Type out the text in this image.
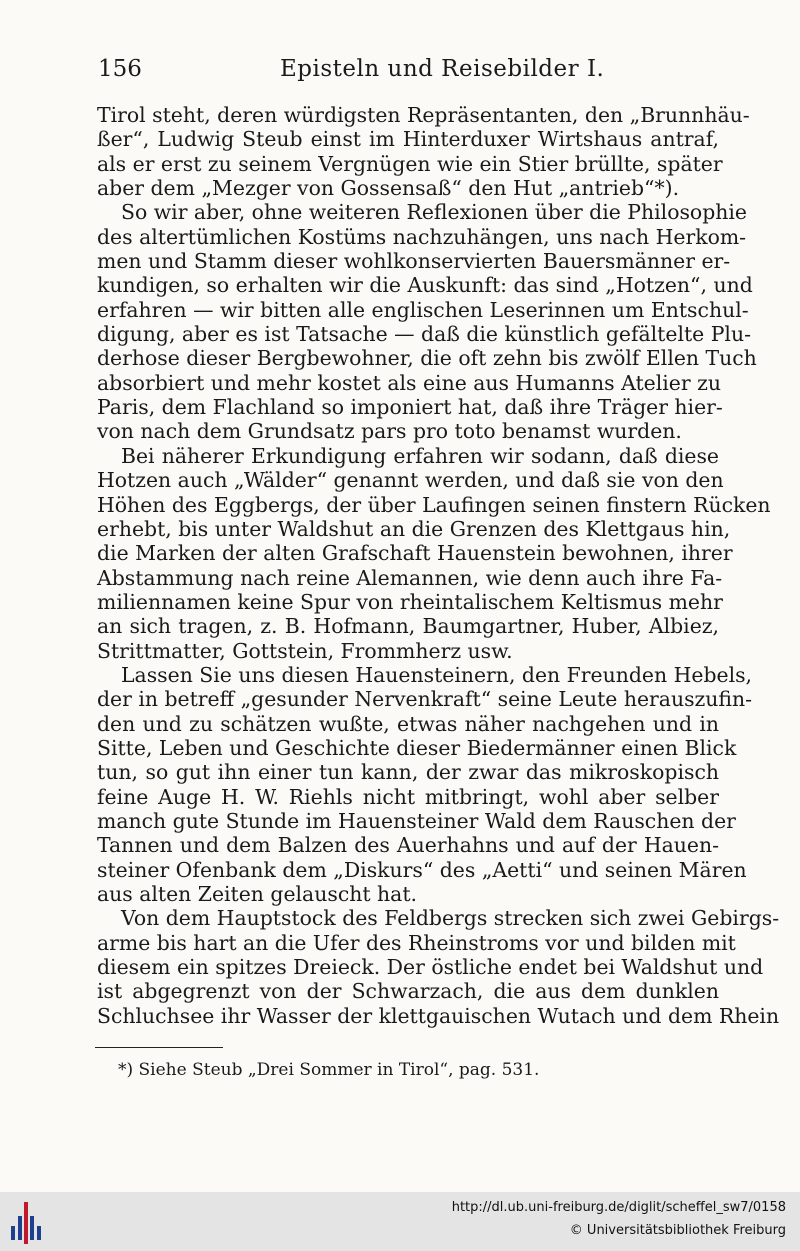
156	Episteln und Reisebilder I.
Tirol steht, deren würdigsten Repräsentanten, den „Brunnhäu-
ßer“, Ludwig Steub einst im Hinterduxer Wirtshaus antraf,
als er erst zu seinem Vergnügen wie ein Stier brüllte, später
aber dem „Mezger von Gossensaß“ den Hut „antrieb“*).
So wir aber, ohne weiteren Reflexionen über die Philosophie
des altertümlichen Kostüms nachzuhängen, uns nach Herkom-
men und Stamm dieser wohlkonservierten Bauersmänner er-
kundigen, so erhalten wir die Auskunft: das sind „Hotzen“, und
erfahren — wir bitten alle englischen Leserinnen um Entschul-
digung, aber es ist Tatsache — daß die künstlich gefältelte Plu-
derhose dieser Bergbewohner, die oft zehn bis zwölf Ellen Tuch
absorbiert und mehr kostet als eine aus Humanns Atelier zu
Paris, dem Flachland so imponiert hat, daß ihre Träger hier-
von nach dem Grundsatz pars pro toto benamst wurden.
Bei näherer Erkundigung erfahren wir sodann, daß diese
Hotzen auch „Wälder“ genannt werden, und daß sie von den
Höhen des Eggbergs, der über Laufingen seinen finstern Rücken
erhebt, bis unter Waldshut an die Grenzen des Klettgaus hin,
die Marken der alten Grafschaft Hauenstein bewohnen, ihrer
Abstammung nach reine Alemannen, wie denn auch ihre Fa-
miliennamen keine Spur von rheintalischem Keltismus mehr
an sich tragen, z. B. Hofmann, Baumgartner, Huber, Albiez,
Strittmatter, Gottstein, Frommherz usw.
Lassen Sie uns diesen Hauensteinern, den Freunden Hebels,
der in betreff „gesunder Nervenkraft“ seine Leute herauszufin-
den und zu schätzen wußte, etwas näher nachgehen und in
Sitte, Leben und Geschichte dieser Biedermänner einen Blick
tun, so gut ihn einer tun kann, der zwar das mikroskopisch
feine Auge H. W. Riehls nicht mitbringt, wohl aber selber
manch gute Stunde im Hauensteiner Wald dem Rauschen der
Tannen und dem Balzen des Auerhahns und auf der Hauen-
steiner Ofenbank dem „Diskurs“ des „Aetti“ und seinen Mären
aus alten Zeiten gelauscht hat.
Von dem Hauptstock des Feldbergs strecken sich zwei Gebirgs-
arme bis hart an die Ufer des Rheinstroms vor und bilden mit
diesem ein spitzes Dreieck. Der östliche endet bei Waldshut und
ist abgegrenzt von der Schwarzach, die aus dem dunklen
Schluchsee ihr Wasser der klettgauischen Wutach und dem Rhein
*) Siehe Steub „Drei Sommer in Tirol“, pag. 531.
http://dl.ub.uni-freiburg.de/diglit/scheffel_sw7/0158
© Universitätsbibliothek Freiburg
